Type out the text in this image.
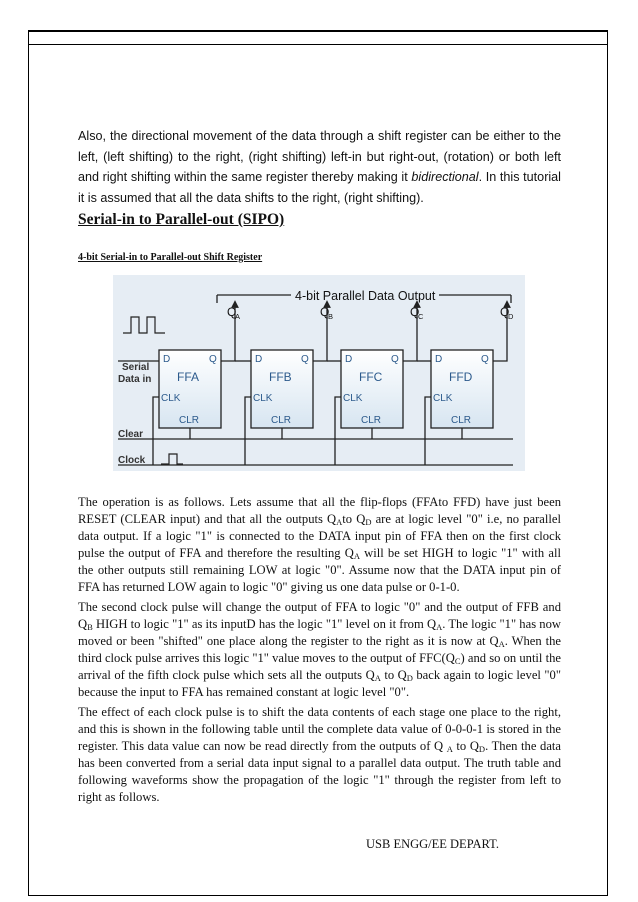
Also, the directional movement of the data through a shift register can be either to the left, (left shifting) to the right, (right shifting) left-in but right-out, (rotation) or both left and right shifting within the same register thereby making it bidirectional. In this tutorial it is assumed that all the data shifts to the right, (right shifting).

Serial-in to Parallel-out (SIPO)
4-bit Serial-in to Parallel-out Shift Register
4-bit Parallel Data Output
Q
A	Q
B	Q
C	Q
D
Serial
Data in
D	Q
FFA
CLK
CLR
D	Q
FFB
CLK
CLR
D	Q
FFC
CLK
CLR
D	Q
FFD
CLK
CLR
Clear
Clock

The operation is as follows. Lets assume that all the flip-flops (FFAto FFD) have just been RESET (CLEAR input) and that all the outputs $Q_Ato$ $Q_D$ are at logic level "0" i.e, no parallel data output. If a logic "1" is connected to the DATA input pin of FFA then on the first clock pulse the output of FFA and therefore the resulting $Q_A$ will be set HIGH to logic "1" with all the other outputs still remaining LOW at logic "0". Assume now that the DATA input pin of FFA has returned LOW again to logic "0" giving us one data pulse or 0-1-0.

The second clock pulse will change the output of FFA to logic "0" and the output of FFB and $Q_B$ HIGH to logic "1" as its inputD has the logic "1" level on it from $Q_A$. The logic "1" has now moved or been "shifted" one place along the register to the right as it is now at $Q_A$. When the third clock pulse arrives this logic "1" value moves to the output of $FFC(Q_C)$ and so on until the arrival of the fifth clock pulse which sets all the outputs $Q_A$ to $Q_D$ back again to logic level "0" because the input to FFA has remained constant at logic level "0".

The effect of each clock pulse is to shift the data contents of each stage one place to the right, and this is shown in the following table until the complete data value of 0-0-0-1 is stored in the register. This data value can now be read directly from the outputs of Q $_A$ to $Q_D$. Then the data has been converted from a serial data input signal to a parallel data output. The truth table and following waveforms show the propagation of the logic "1" through the register from left to right as follows.

USB ENGG/EE DEPART.
